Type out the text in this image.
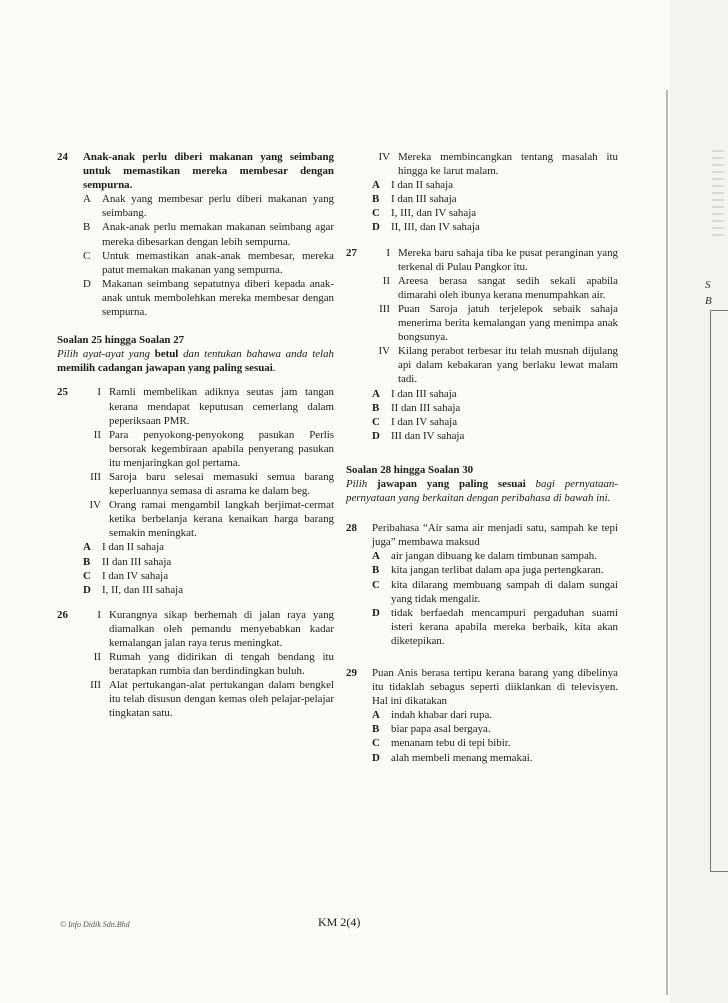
S
B
24 Anak-anak perlu diberi makanan yang seimbang untuk memastikan mereka membesar dengan sempurna.
A Anak yang membesar perlu diberi makanan yang seimbang.
B Anak-anak perlu memakan makanan seimbang agar mereka dibesarkan dengan lebih sempurna.
C Untuk memastikan anak-anak membesar, mereka patut memakan makanan yang sempurna.
D Makanan seimbang sepatutnya diberi kepada anak-anak untuk membolehkan mereka membesar dengan sempurna.
Soalan 25 hingga Soalan 27
Pilih ayat-ayat yang betul dan tentukan bahawa anda telah memilih cadangan jawapan yang paling sesuai.
25	I Ramli membelikan adiknya seutas jam tangan kerana mendapat keputusan cemerlang dalam peperiksaan PMR.
II Para penyokong-penyokong pasukan Perlis bersorak kegembiraan apabila penyerang pasukan itu menjaringkan gol pertama.
III Saroja baru selesai memasuki semua barang keperluannya semasa di asrama ke dalam beg.
IV Orang ramai mengambil langkah berjimat-cermat ketika berbelanja kerana kenaikan harga barang semakin meningkat.
A I dan II sahaja
B II dan III sahaja
C I dan IV sahaja
D I, II, dan III sahaja
26	I Kurangnya sikap berhemah di jalan raya yang diamalkan oleh pemandu menyebabkan kadar kemalangan jalan raya terus meningkat.
II Rumah yang didirikan di tengah bendang itu beratapkan rumbia dan berdindingkan buluh.
III Alat pertukangan-alat pertukangan dalam bengkel itu telah disusun dengan kemas oleh pelajar-pelajar tingkatan satu.
IV Mereka membincangkan tentang masalah itu hingga ke larut malam.
A I dan II sahaja
B I dan III sahaja
C I, III, dan IV sahaja
D II, III, dan IV sahaja
27	I Mereka baru sahaja tiba ke pusat peranginan yang terkenal di Pulau Pangkor itu.
II Areesa berasa sangat sedih sekali apabila dimarahi oleh ibunya kerana menumpahkan air.
III Puan Saroja jatuh terjelepok sebaik sahaja menerima berita kemalangan yang menimpa anak bongsunya.
IV Kilang perabot terbesar itu telah musnah dijulang api dalam kebakaran yang berlaku lewat malam tadi.
A I dan III sahaja
B II dan III sahaja
C I dan IV sahaja
D III dan IV sahaja
Soalan 28 hingga Soalan 30
Pilih jawapan yang paling sesuai bagi pernyataan-pernyataan yang berkaitan dengan peribahasa di bawah ini.
28 Peribahasa “Air sama air menjadi satu, sampah ke tepi juga” membawa maksud
A air jangan dibuang ke dalam timbunan sampah.
B kita jangan terlibat dalam apa juga pertengkaran.
C kita dilarang membuang sampah di dalam sungai yang tidak mengalir.
D tidak berfaedah mencampuri pergaduhan suami isteri kerana apabila mereka berbaik, kita akan diketepikan.
29 Puan Anis berasa tertipu kerana barang yang dibelinya itu tidaklah sebagus seperti diiklankan di televisyen. Hal ini dikatakan
A indah khabar dari rupa.
B biar papa asal bergaya.
C menanam tebu di tepi bibir.
D alah membeli menang memakai.
© Info Didik Sdn.Bhd	KM 2(4)
